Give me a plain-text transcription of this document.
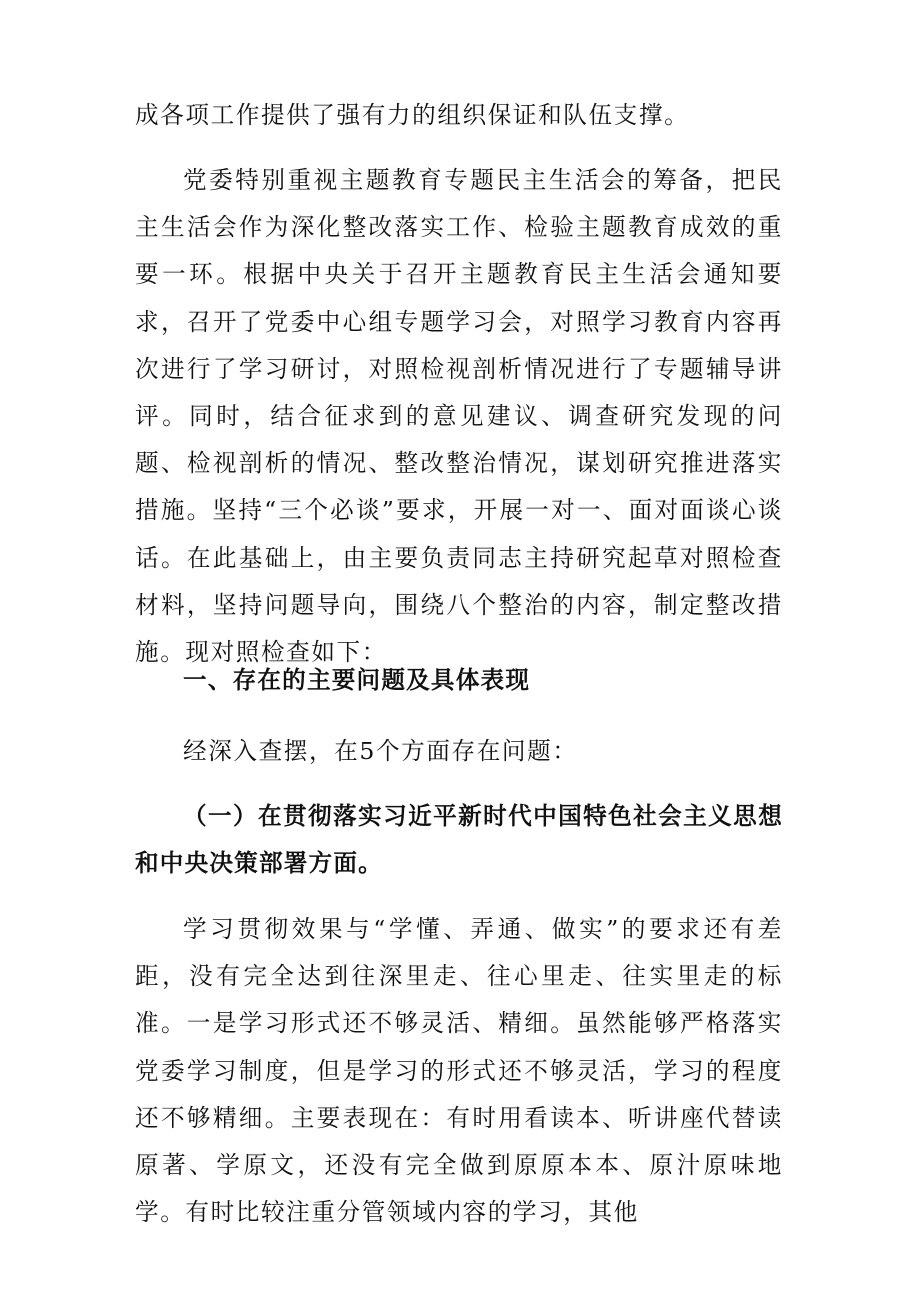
成各项工作提供了强有力的组织保证和队伍支撑。

党委特别重视主题教育专题民主生活会的筹备，把民主生活会作为深化整改落实工作、检验主题教育成效的重要一环。根据中央关于召开主题教育民主生活会通知要求，召开了党委中心组专题学习会，对照学习教育内容再次进行了学习研讨，对照检视剖析情况进行了专题辅导讲评。同时，结合征求到的意见建议、调查研究发现的问题、检视剖析的情况、整改整治情况，谋划研究推进落实措施。坚持“三个必谈”要求，开展一对一、面对面谈心谈话。在此基础上，由主要负责同志主持研究起草对照检查材料，坚持问题导向，围绕八个整治的内容，制定整改措施。现对照检查如下：

一、存在的主要问题及具体表现

经深入查摆，在5个方面存在问题：

（一）在贯彻落实习近平新时代中国特色社会主义思想和中央决策部署方面。

学习贯彻效果与“学懂、弄通、做实”的要求还有差距，没有完全达到往深里走、往心里走、往实里走的标准。一是学习形式还不够灵活、精细。虽然能够严格落实党委学习制度，但是学习的形式还不够灵活，学习的程度还不够精细。主要表现在：有时用看读本、听讲座代替读原著、学原文，还没有完全做到原原本本、原汁原味地学。有时比较注重分管领域内容的学习，其他
